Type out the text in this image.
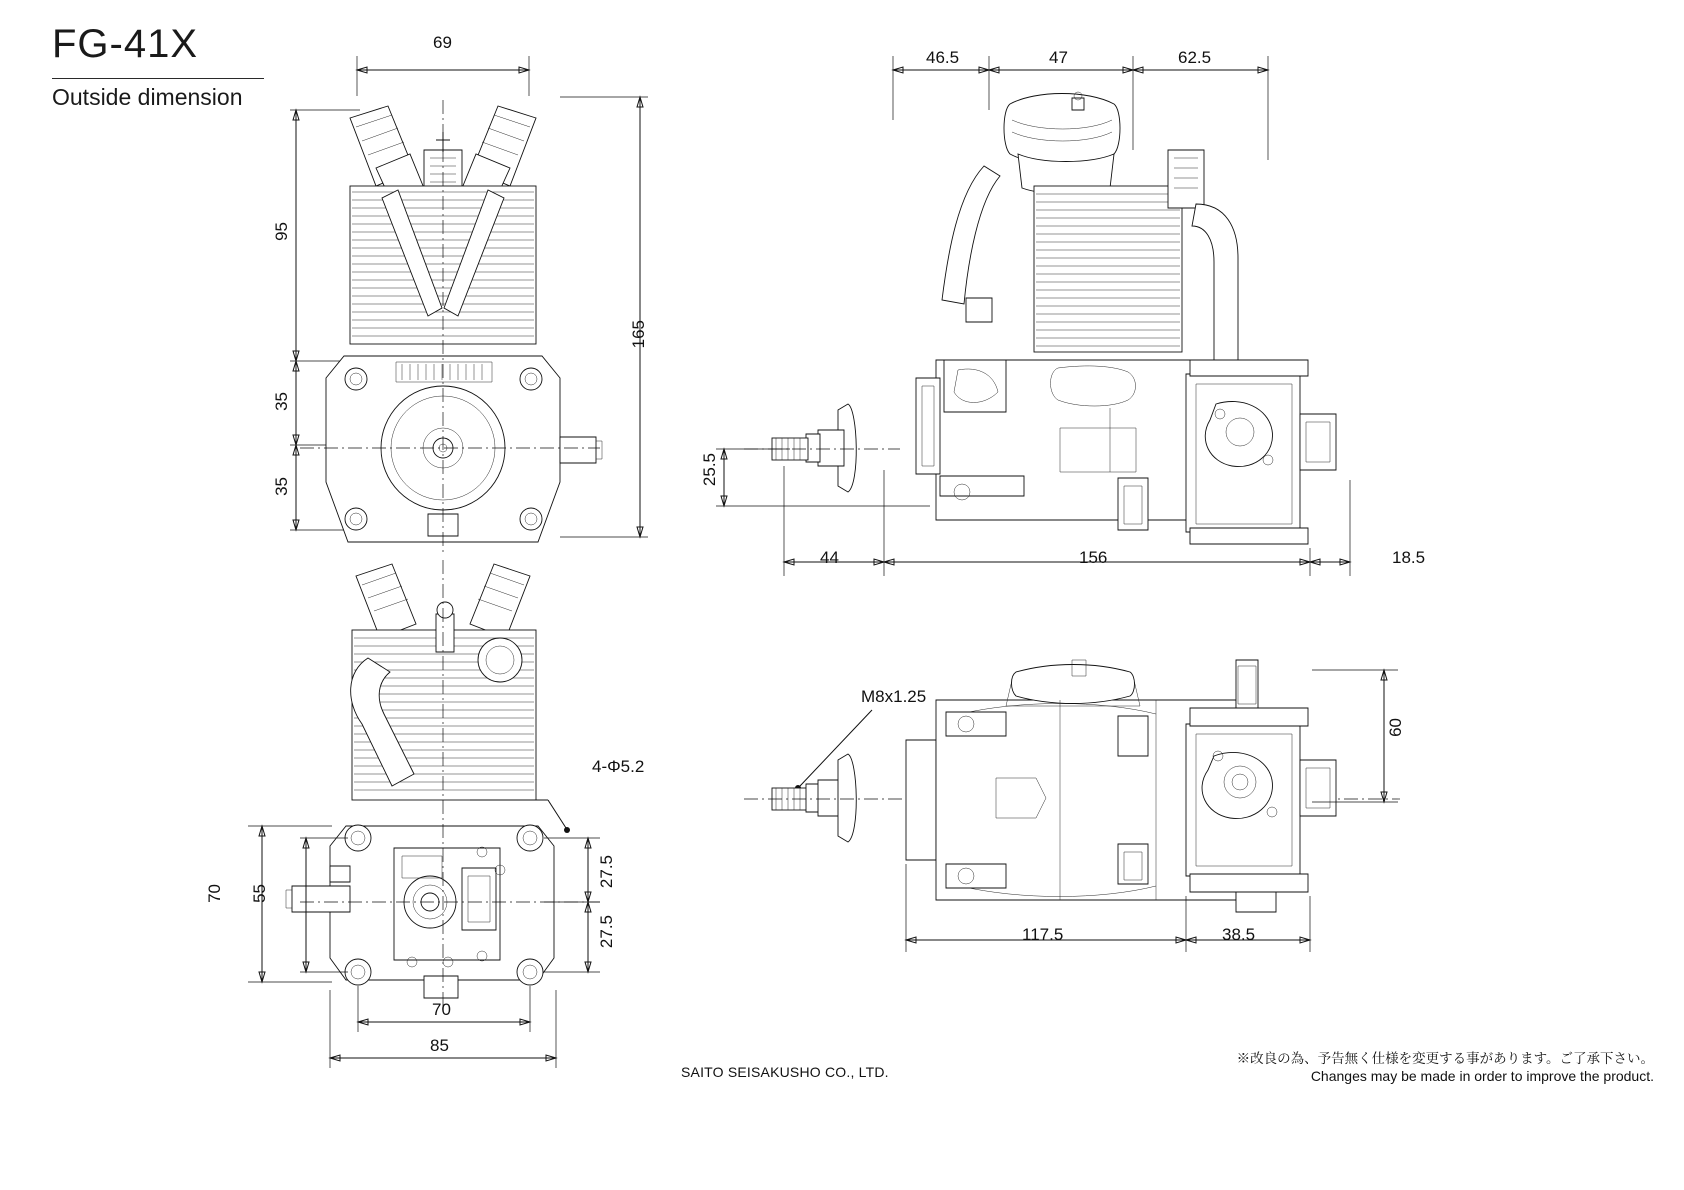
FG-41X
Outside dimension
69
95
35
35
165
4-Φ5.2
27.5
27.5
70 55
70
85
46.5	47	62.5
25.5
44	156	18.5
M8x1.25
60
117.5	38.5
SAITO SEISAKUSHO CO., LTD.
※改良の為、予告無く仕様を変更する事があります。ご了承下さい。
Changes may be made in order to improve the product.
